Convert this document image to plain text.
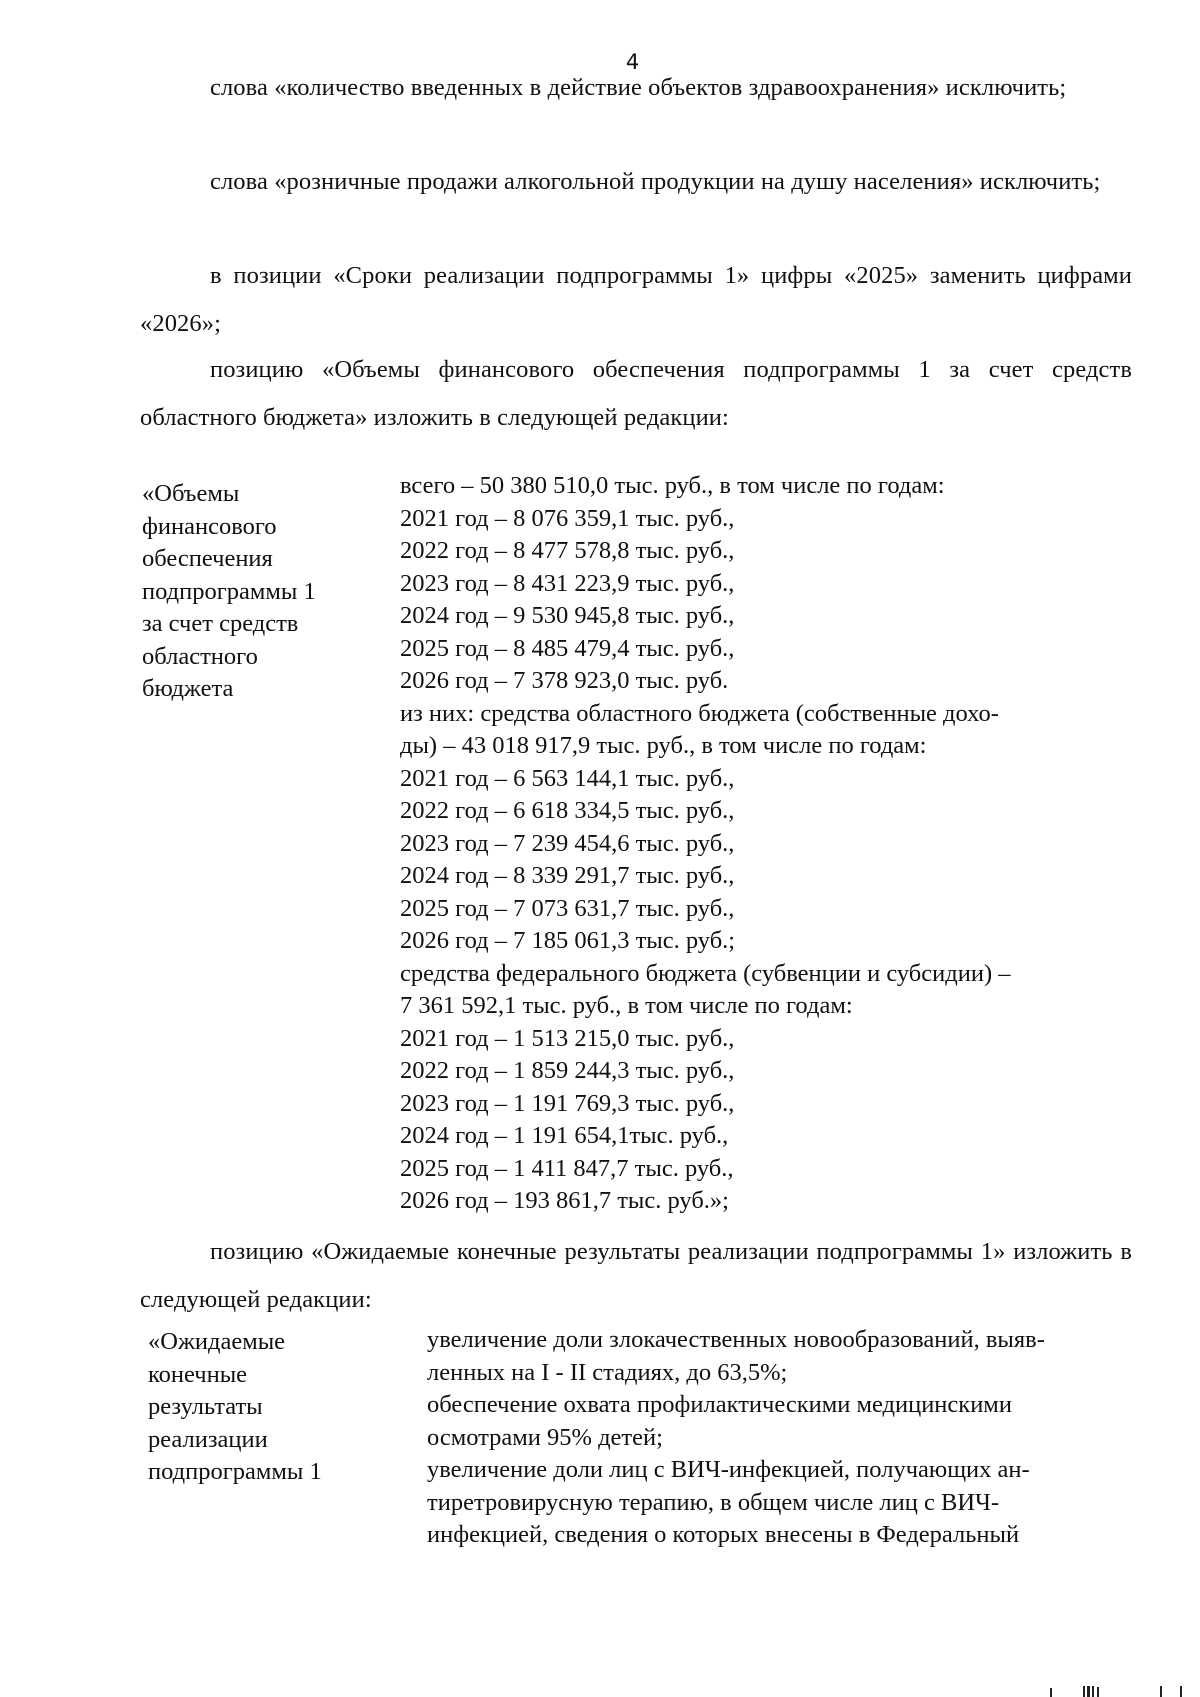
4

слова «количество введенных в действие объектов здравоохранения» исключить;

слова «розничные продажи алкогольной продукции на душу населения» исключить;

в позиции «Сроки реализации подпрограммы 1» цифры «2025» заменить цифрами «2026»;

позицию «Объемы финансового обеспечения подпрограммы 1 за счет средств областного бюджета» изложить в следующей редакции:

«Объемы
финансового
обеспечения
подпрограммы 1
за счет средств
областного
бюджета
всего – 50 380 510,0 тыс. руб., в том числе по годам:
2021 год – 8 076 359,1 тыс. руб.,
2022 год – 8 477 578,8 тыс. руб.,
2023 год – 8 431 223,9 тыс. руб.,
2024 год – 9 530 945,8 тыс. руб.,
2025 год – 8 485 479,4 тыс. руб.,
2026 год – 7 378 923,0 тыс. руб.
из них: средства областного бюджета (собственные дохо-
ды) – 43 018 917,9 тыс. руб., в том числе по годам:
2021 год – 6 563 144,1 тыс. руб.,
2022 год – 6 618 334,5 тыс. руб.,
2023 год – 7 239 454,6 тыс. руб.,
2024 год – 8 339 291,7 тыс. руб.,
2025 год – 7 073 631,7 тыс. руб.,
2026 год – 7 185 061,3 тыс. руб.;
средства федерального бюджета (субвенции и субсидии) –
7 361 592,1 тыс. руб., в том числе по годам:
2021 год – 1 513 215,0 тыс. руб.,
2022 год – 1 859 244,3 тыс. руб.,
2023 год – 1 191 769,3 тыс. руб.,
2024 год – 1 191 654,1тыс. руб.,
2025 год – 1 411 847,7 тыс. руб.,
2026 год – 193 861,7 тыс. руб.»;

позицию «Ожидаемые конечные результаты реализации подпрограммы 1» изложить в следующей редакции:

«Ожидаемые
конечные
результаты
реализации
подпрограммы 1
увеличение доли злокачественных новообразований, выяв-
ленных на I - II стадиях, до 63,5%;
обеспечение охвата профилактическими медицинскими
осмотрами 95% детей;
увеличение доли лиц с ВИЧ-инфекцией, получающих ан-
тиретровирусную терапию, в общем числе лиц с ВИЧ-
инфекцией, сведения о которых внесены в Федеральный
